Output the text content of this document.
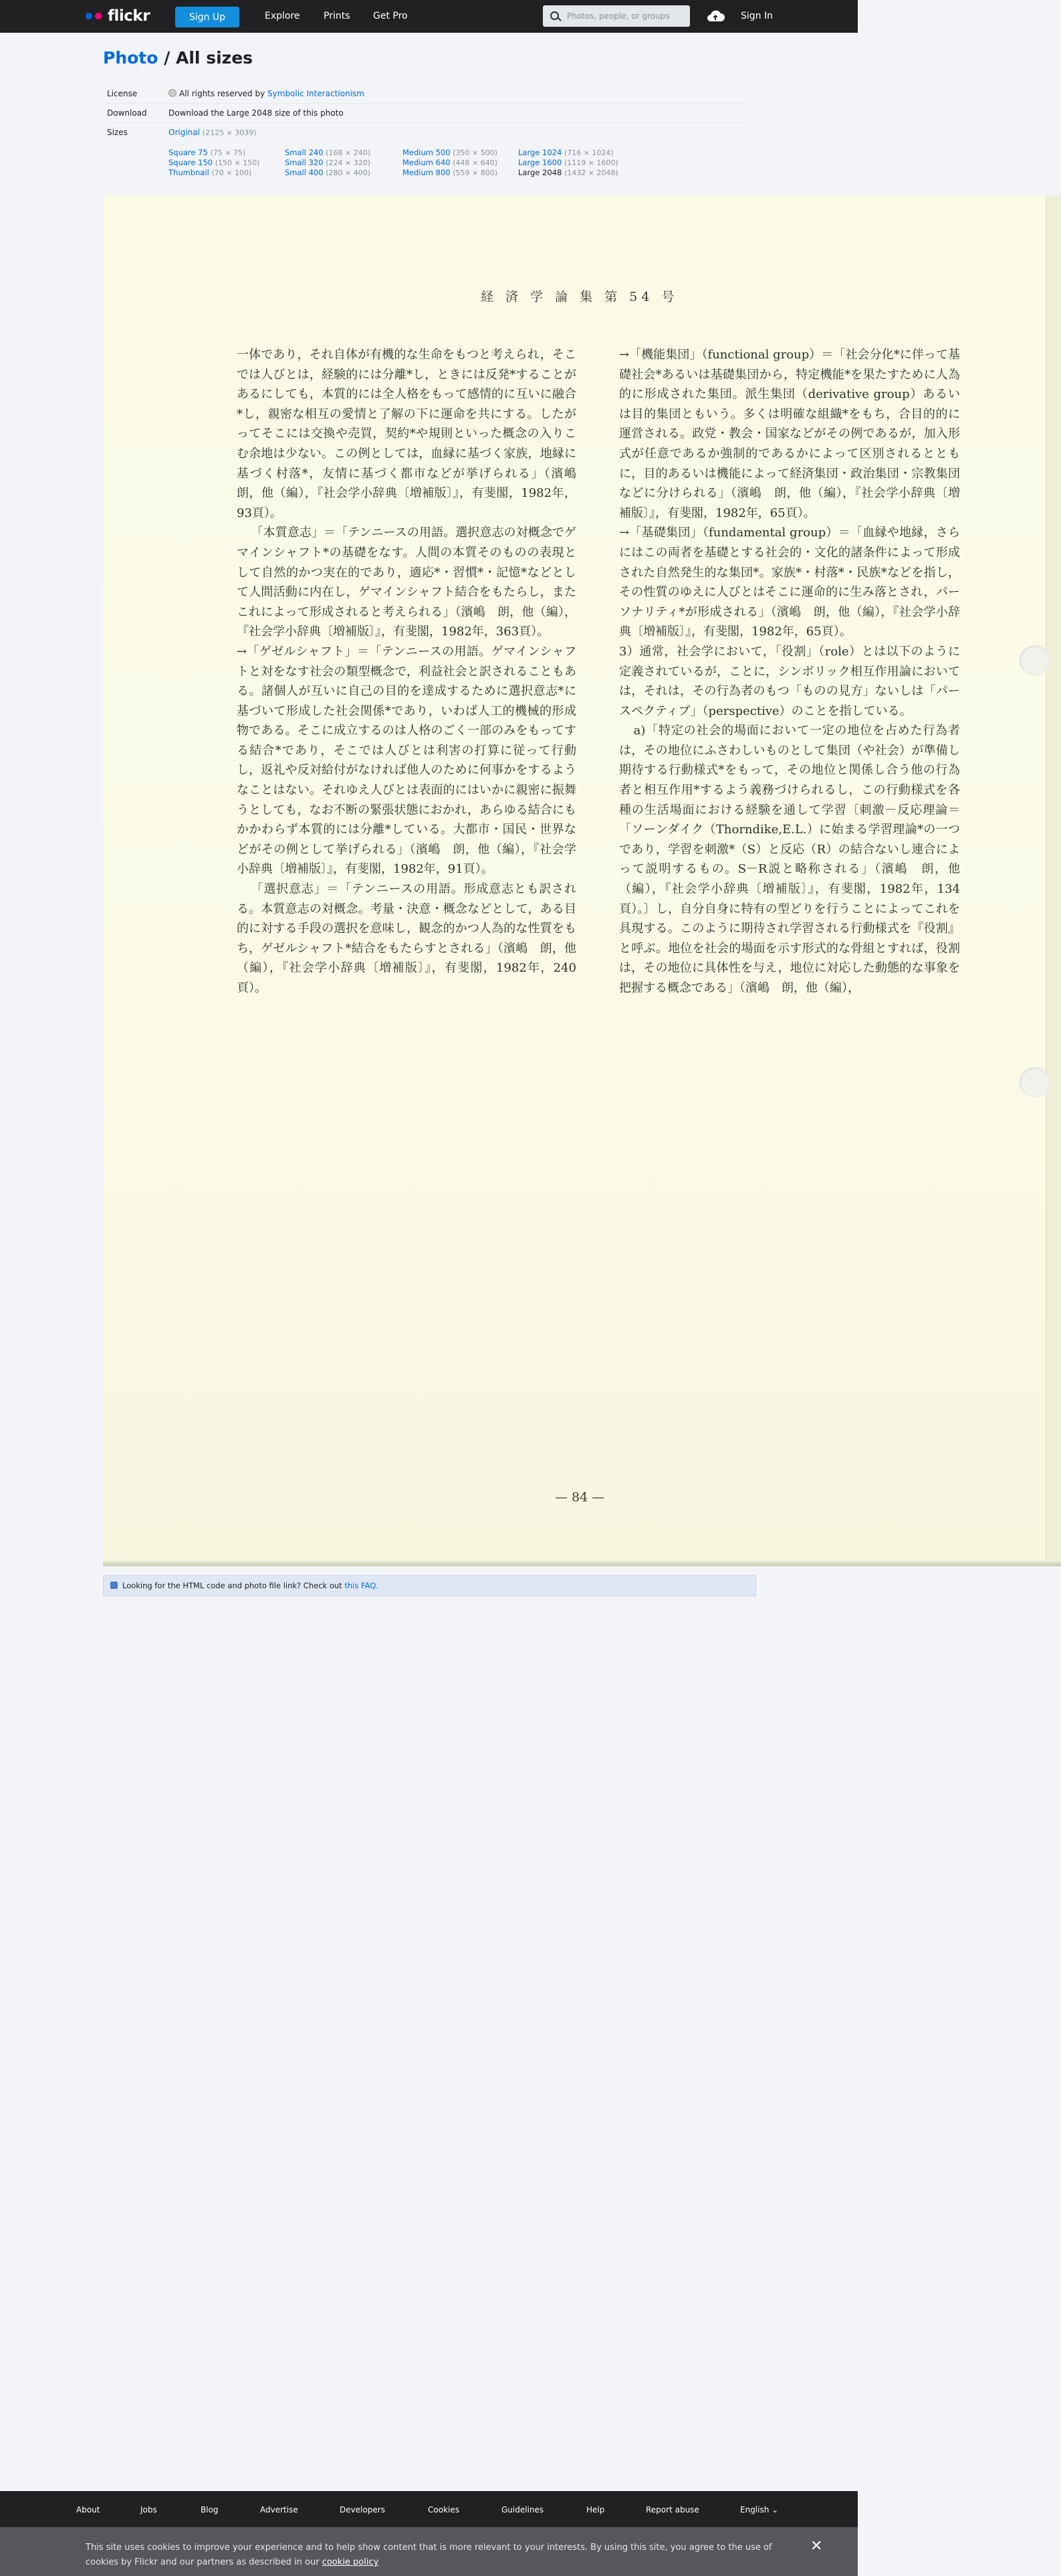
flickr	Sign Up	Explore	Prints Get Pro	Photos, people, or groups	Sign In
Photo / All sizes
License	All rights reserved by Symbolic Interactionism
Download	Download the Large 2048 size of this photo
Sizes	Original (2125 × 3039)
Square 75 (75 × 75)
Square 150 (150 × 150)
Thumbnail (70 × 100)
Small 240 (168 × 240)
Small 320 (224 × 320)
Small 400 (280 × 400)
Medium 500 (350 × 500)
Medium 640 (448 × 640)
Medium 800 (559 × 800)
Large 1024 (716 × 1024)
Large 1600 (1119 × 1600)
Large 2048 (1432 × 2048)
経 済 学 論 集 第 54 号

一体であり，それ自体が有機的な生命をもつと考えられ，そこでは人びとは，経験的には分離*し，ときには反発*することがあるにしても，本質的には全人格をもって感情的に互いに融合*し，親密な相互の愛情と了解の下に運命を共にする。したがってそこには交換や売買，契約*や規則といった概念の入りこむ余地は少ない。この例としては，血縁に基づく家族，地縁に基づく村落*，友情に基づく都市などが挙げられる」（濱嶋　朗，他（編），『社会学小辞典〔増補版〕』，有斐閣，1982年，93頁）。

「本質意志」＝「テンニースの用語。選択意志の対概念でゲマインシャフト*の基礎をなす。人間の本質そのものの表現として自然的かつ実在的であり，適応*・習慣*・記憶*などとして人間活動に内在し，ゲマインシャフト結合をもたらし，またこれによって形成されると考えられる」（濱嶋　朗，他（編），『社会学小辞典〔増補版〕』，有斐閣，1982年，363頁）。

→「ゲゼルシャフト」＝「テンニースの用語。ゲマインシャフトと対をなす社会の類型概念で，利益社会と訳されることもある。諸個人が互いに自己の目的を達成するために選択意志*に基づいて形成した社会関係*であり，いわば人工的機械的形成物である。そこに成立するのは人格のごく一部のみをもってする結合*であり，そこでは人びとは利害の打算に従って行動し，返礼や反対給付がなければ他人のために何事かをするようなことはない。それゆえ人びとは表面的にはいかに親密に振舞うとしても，なお不断の緊張状態におかれ，あらゆる結合にもかかわらず本質的には分離*している。大都市・国民・世界などがその例として挙げられる」（濱嶋　朗，他（編），『社会学小辞典〔増補版〕』，有斐閣，1982年，91頁）。

「選択意志」＝「テンニースの用語。形成意志とも訳される。本質意志の対概念。考量・決意・概念などとして，ある目的に対する手段の選択を意味し，観念的かつ人為的な性質をもち，ゲゼルシャフト*結合をもたらすとされる」（濱嶋　朗，他（編），『社会学小辞典〔増補版〕』，有斐閣，1982年，240頁）。

→「機能集団」（functional group）＝「社会分化*に伴って基礎社会*あるいは基礎集団から，特定機能*を果たすために人為的に形成された集団。派生集団（derivative group）あるいは目的集団ともいう。多くは明確な組織*をもち，合目的的に運営される。政党・教会・国家などがその例であるが，加入形式が任意であるか強制的であるかによって区別されるとともに，目的あるいは機能によって経済集団・政治集団・宗教集団などに分けられる」（濱嶋　朗，他（編），『社会学小辞典〔増補版〕』，有斐閣，1982年，65頁）。

→「基礎集団」（fundamental group）＝「血縁や地縁，さらにはこの両者を基礎とする社会的・文化的諸条件によって形成された自然発生的な集団*。家族*・村落*・民族*などを指し，その性質のゆえに人びとはそこに運命的に生み落とされ，パーソナリティ*が形成される」（濱嶋　朗，他（編），『社会学小辞典〔増補版〕』，有斐閣，1982年，65頁）。

3）通常，社会学において，「役割」（role）とは以下のように定義されているが，ことに，シンボリック相互作用論においては，それは，その行為者のもつ「ものの見方」ないしは「パースペクティブ」（perspective）のことを指している。

a)「特定の社会的場面において一定の地位を占めた行為者は，その地位にふさわしいものとして集団（や社会）が準備し期待する行動様式*をもって，その地位と関係し合う他の行為者と相互作用*するよう義務づけられるし，この行動様式を各種の生活場面における経験を通して学習〔刺激－反応理論＝「ソーンダイク（Thorndike,E.L.）に始まる学習理論*の一つであり，学習を刺激*（S）と反応（R）の結合ないし連合によって説明するもの。S－R説と略称される」（濱嶋　朗，他（編），『社会学小辞典〔増補版〕』，有斐閣，1982年，134頁）。〕し，自分自身に特有の型どりを行うことによってこれを具現する。このように期待され学習される行動様式を『役割』と呼ぶ。地位を社会的場面を示す形式的な骨組とすれば，役割は，その地位に具体性を与え，地位に対応した動態的な事象を把握する概念である」（濱嶋　朗，他（編），

— 84 —
Looking for the HTML code and photo file link? Check out this FAQ.
About	Jobs	Blog	Advertise	Developers	Cookies	Guidelines	Help	Report abuse	English ⌄
This site uses cookies to improve your experience and to help show content that is more relevant to your interests. By using this site, you agree to the use of cookies by Flickr and our partners as described in our cookie policy
✕
